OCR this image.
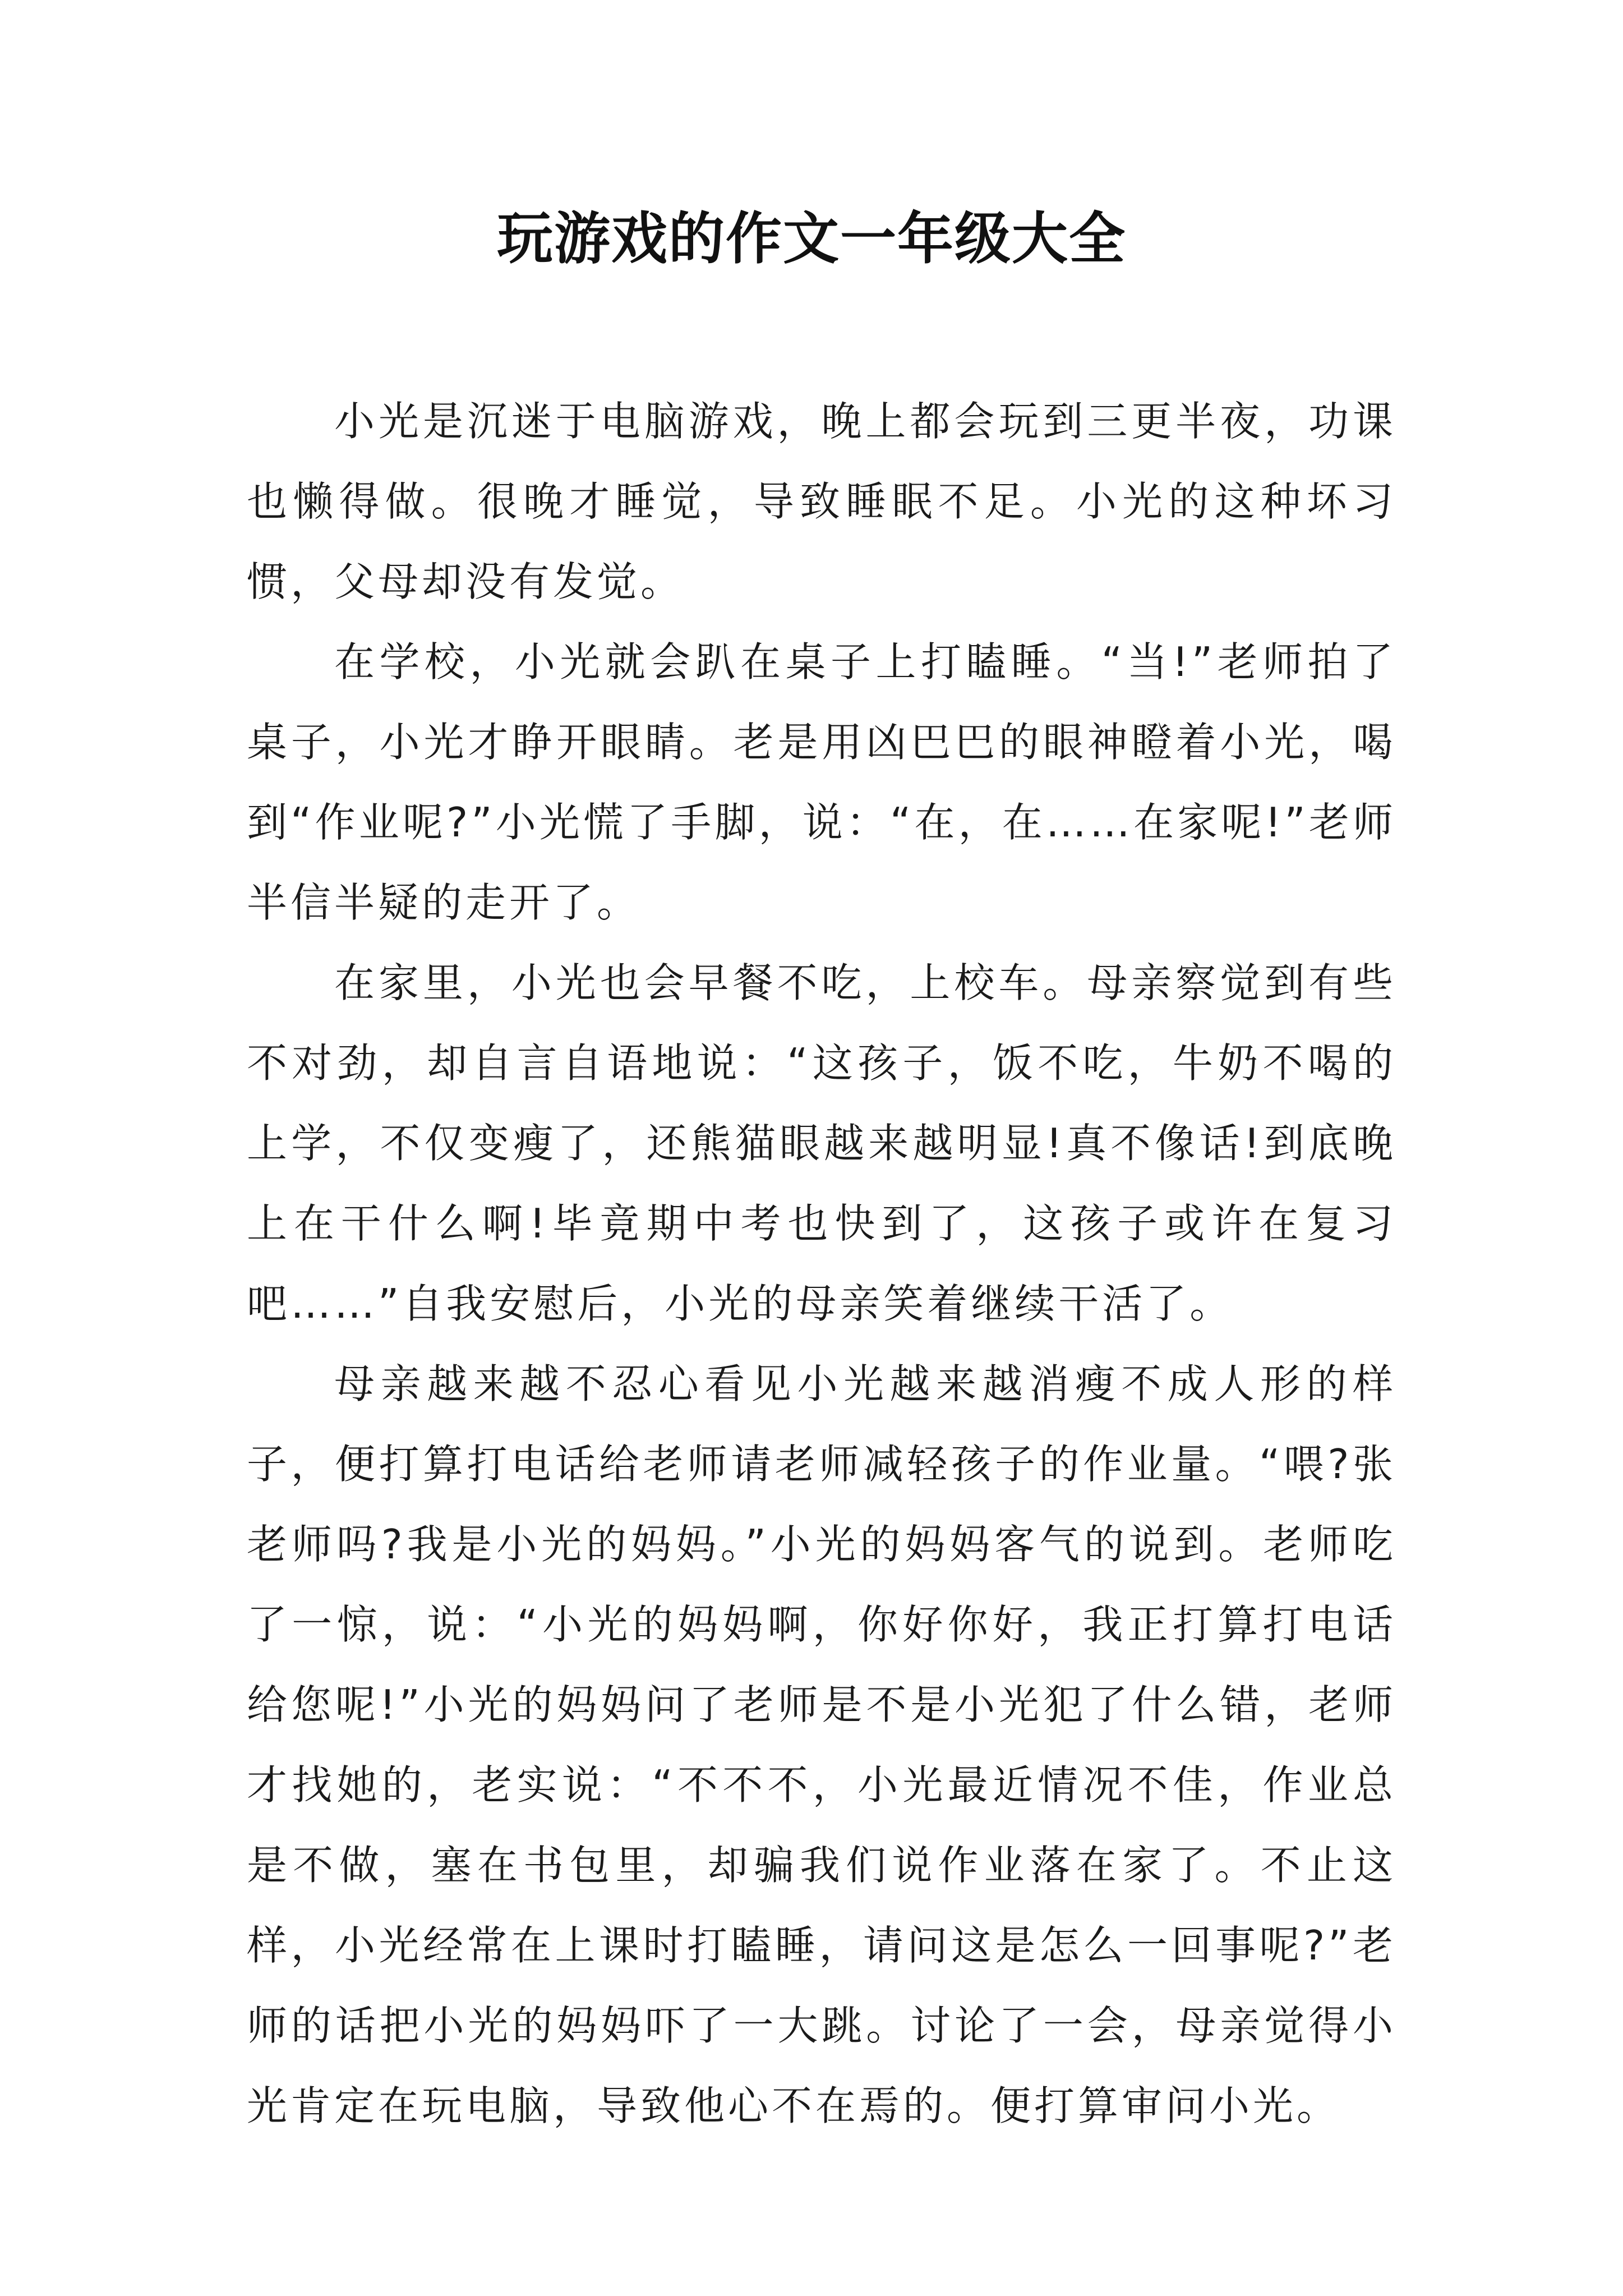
玩游戏的作文一年级大全

小光是沉迷于电脑游戏，晚上都会玩到三更半夜，功课也懒得做。很晚才睡觉，导致睡眠不足。小光的这种坏习惯，父母却没有发觉。

在学校，小光就会趴在桌子上打瞌睡。“当!”老师拍了桌子，小光才睁开眼睛。老是用凶巴巴的眼神瞪着小光，喝到“作业呢?”小光慌了手脚，说：“在，在……在家呢!”老师半信半疑的走开了。

在家里，小光也会早餐不吃，上校车。母亲察觉到有些不对劲，却自言自语地说：“这孩子，饭不吃，牛奶不喝的上学，不仅变瘦了，还熊猫眼越来越明显!真不像话!到底晚上在干什么啊!毕竟期中考也快到了，这孩子或许在复习吧……”自我安慰后，小光的母亲笑着继续干活了。

母亲越来越不忍心看见小光越来越消瘦不成人形的样子，便打算打电话给老师请老师减轻孩子的作业量。“喂?张老师吗?我是小光的妈妈。”小光的妈妈客气的说到。老师吃了一惊，说：“小光的妈妈啊，你好你好，我正打算打电话给您呢!”小光的妈妈问了老师是不是小光犯了什么错，老师才找她的，老实说：“不不不，小光最近情况不佳，作业总是不做，塞在书包里，却骗我们说作业落在家了。不止这样，小光经常在上课时打瞌睡，请问这是怎么一回事呢?”老师的话把小光的妈妈吓了一大跳。讨论了一会，母亲觉得小光肯定在玩电脑，导致他心不在焉的。便打算审问小光。
